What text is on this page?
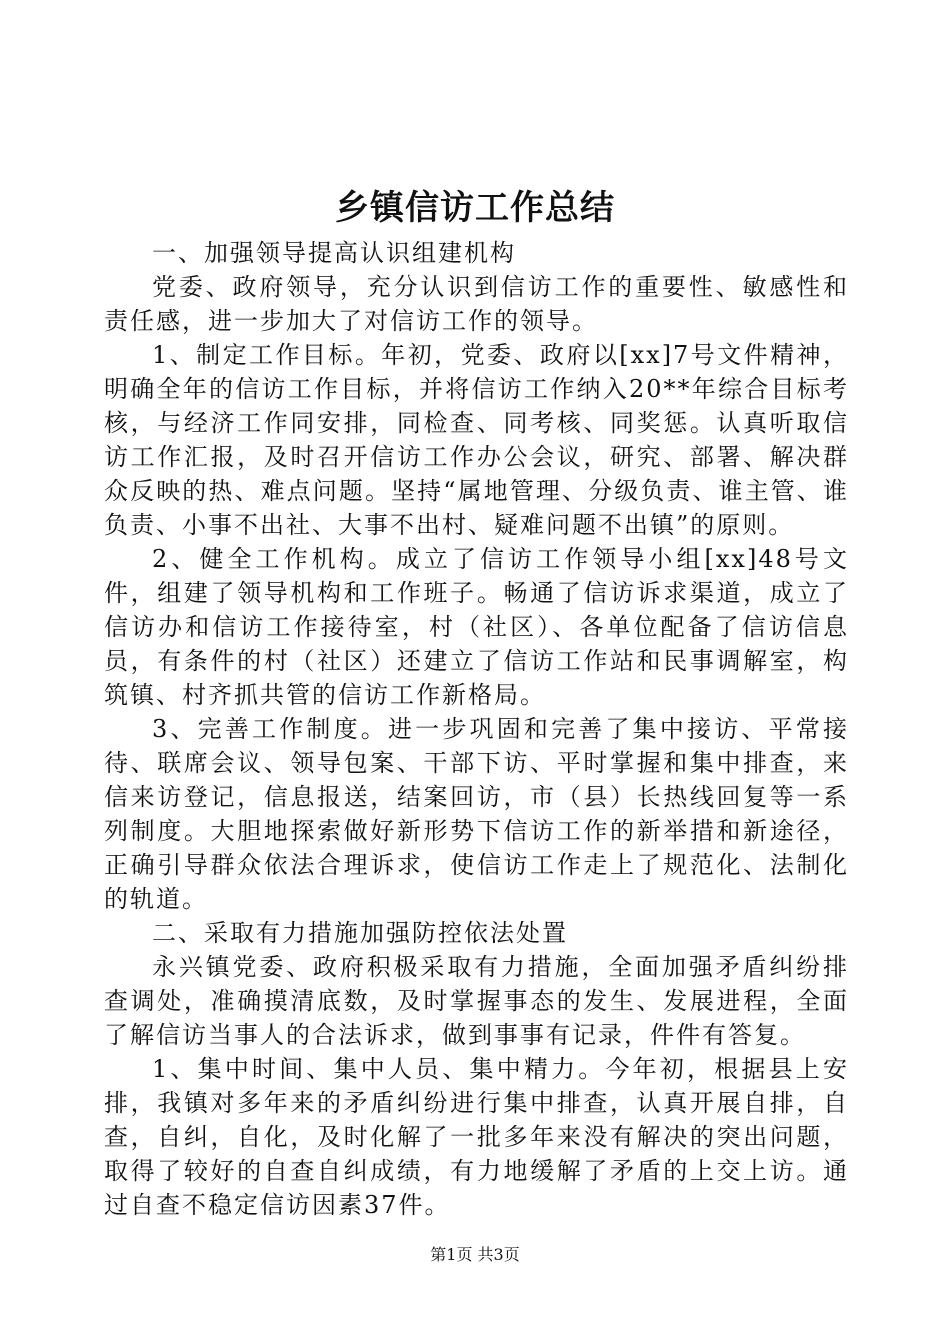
乡镇信访工作总结

一、加强领导提高认识组建机构

党委、政府领导，充分认识到信访工作的重要性、敏感性和责任感，进一步加大了对信访工作的领导。

1、制定工作目标。年初，党委、政府以[xx]7号文件精神，明确全年的信访工作目标，并将信访工作纳入20**年综合目标考核，与经济工作同安排，同检查、同考核、同奖惩。认真听取信访工作汇报，及时召开信访工作办公会议，研究、部署、解决群众反映的热、难点问题。坚持“属地管理、分级负责、谁主管、谁负责、小事不出社、大事不出村、疑难问题不出镇”的原则。

2、健全工作机构。成立了信访工作领导小组[xx]48号文件，组建了领导机构和工作班子。畅通了信访诉求渠道，成立了信访办和信访工作接待室，村（社区）、各单位配备了信访信息员，有条件的村（社区）还建立了信访工作站和民事调解室，构筑镇、村齐抓共管的信访工作新格局。

3、完善工作制度。进一步巩固和完善了集中接访、平常接待、联席会议、领导包案、干部下访、平时掌握和集中排查，来信来访登记，信息报送，结案回访，市（县）长热线回复等一系列制度。大胆地探索做好新形势下信访工作的新举措和新途径，正确引导群众依法合理诉求，使信访工作走上了规范化、法制化的轨道。

二、采取有力措施加强防控依法处置

永兴镇党委、政府积极采取有力措施，全面加强矛盾纠纷排查调处，准确摸清底数，及时掌握事态的发生、发展进程，全面了解信访当事人的合法诉求，做到事事有记录，件件有答复。

1、集中时间、集中人员、集中精力。今年初，根据县上安排，我镇对多年来的矛盾纠纷进行集中排查，认真开展自排，自查，自纠，自化，及时化解了一批多年来没有解决的突出问题，取得了较好的自查自纠成绩，有力地缓解了矛盾的上交上访。通过自查不稳定信访因素37件。

第1页 共3页
